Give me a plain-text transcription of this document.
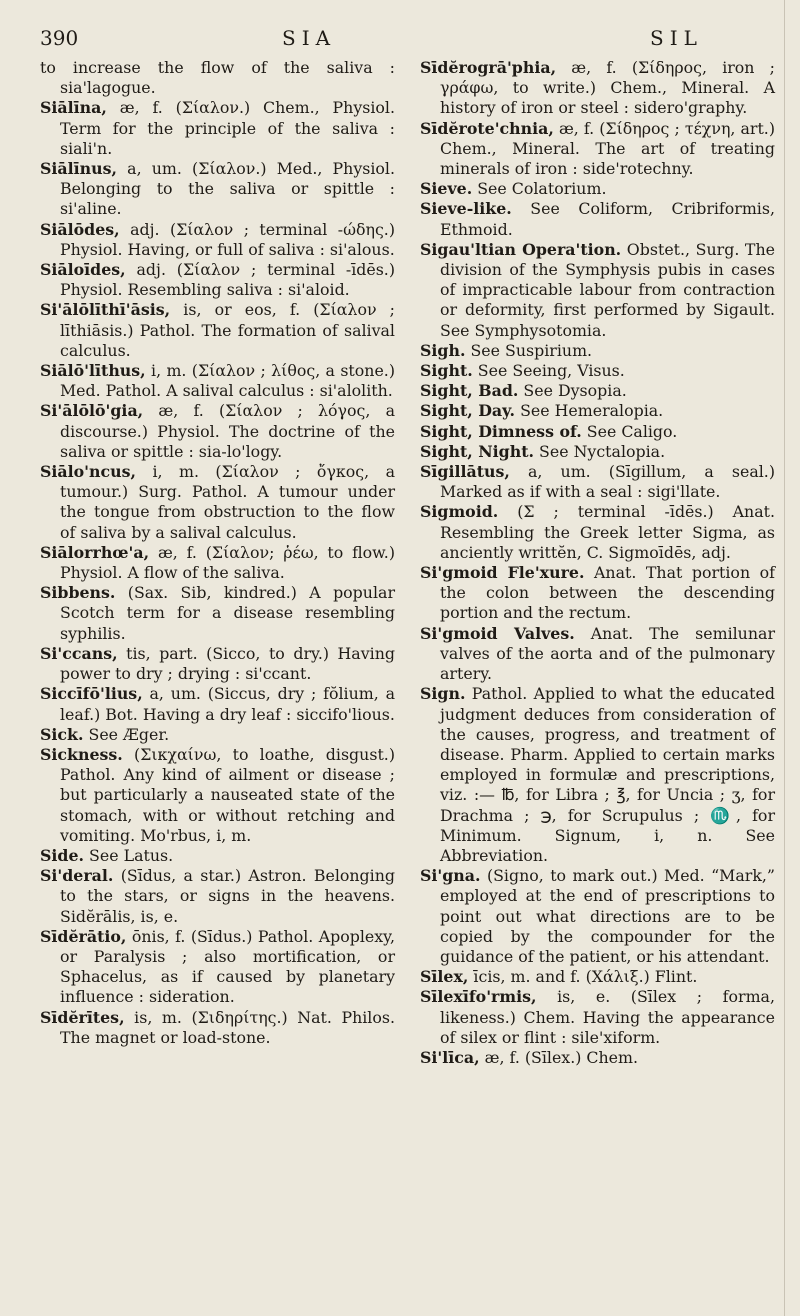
390	SIA	SIL

to increase the flow of the saliva : sia'lagogue.

Siālīna, æ, f. (Σίαλον.) Chem., Physiol. Term for the principle of the saliva : siali'n.

Siālīnus, a, um. (Σίαλον.) Med., Physiol. Belonging to the saliva or spittle : si'aline.

Siālōdes, adj. (Σίαλον ; terminal -ώδης.) Physiol. Having, or full of saliva : si'alous.

Siāloīdes, adj. (Σίαλον ; terminal -īdēs.) Physiol. Resembling saliva : si'aloid.

Si'ālōlīthī'āsis, is, or eos, f. (Σίαλον ; līthiāsis.) Pathol. The formation of salival calculus.

Siālō'līthus, i, m. (Σίαλον ; λίθος, a stone.) Med. Pathol. A salival calculus : si'alolith.

Si'ālōlō'gia, æ, f. (Σίαλον ; λόγος, a discourse.) Physiol. The doctrine of the saliva or spittle : sia-lo'logy.

Siālo'ncus, i, m. (Σίαλον ; ὄγκος, a tumour.) Surg. Pathol. A tumour under the tongue from obstruction to the flow of saliva by a salival calculus.

Siālorrhœ'a, æ, f. (Σίαλον; ῥέω, to flow.) Physiol. A flow of the saliva.

Sibbens. (Sax. Sib, kindred.) A popular Scotch term for a disease resembling syphilis.

Si'ccans, tis, part. (Sicco, to dry.) Having power to dry ; drying : si'ccant.

Siccīfō'lius, a, um. (Siccus, dry ; fŏlium, a leaf.) Bot. Having a dry leaf : siccifo'lious.

Sick. See Æger.

Sickness. (Σικχαίνω, to loathe, disgust.) Pathol. Any kind of ailment or disease ; but particularly a nauseated state of the stomach, with or without retching and vomiting. Mo'rbus, i, m.

Side. See Latus.

Si'deral. (Sīdus, a star.) Astron. Belonging to the stars, or signs in the heavens. Sidĕrālis, is, e.

Sīdĕrātio, ōnis, f. (Sīdus.) Pathol. Apoplexy, or Paralysis ; also mortification, or Sphacelus, as if caused by planetary influence : sideration.

Sīdĕrītes, is, m. (Σιδηρίτης.) Nat. Philos. The magnet or load-stone.

Sīdĕrogrā'phia, æ, f. (Σίδηρος, iron ; γράφω, to write.) Chem., Mineral. A history of iron or steel : sidero'graphy.

Sīdĕrote'chnia, æ, f. (Σίδηρος ; τέχνη, art.) Chem., Mineral. The art of treating minerals of iron : side'rotechny.

Sieve. See Colatorium.

Sieve-like. See Coliform, Cribriformis, Ethmoid.

Sigau'ltian Opera'tion. Obstet., Surg. The division of the Symphysis pubis in cases of impracticable labour from contraction or deformity, first performed by Sigault. See Symphysotomia.

Sigh. See Suspirium.

Sight. See Seeing, Visus.

Sight, Bad. See Dysopia.

Sight, Day. See Hemeralopia.

Sight, Dimness of. See Caligo.

Sight, Night. See Nyctalopia.

Sīgillātus, a, um. (Sīgillum, a seal.) Marked as if with a seal : sigi'llate.

Sigmoid. (Σ ; terminal -īdēs.) Anat. Resembling the Greek letter Sigma, as anciently writtĕn, C. Sigmoīdēs, adj.

Si'gmoid Fle'xure. Anat. That portion of the colon between the descending portion and the rectum.

Si'gmoid Valves. Anat. The semilunar valves of the aorta and of the pulmonary artery.

Sign. Pathol. Applied to what the educated judgment deduces from consideration of the causes, progress, and treatment of disease. Pharm. Applied to certain marks employed in formulæ and prescriptions, viz. :— ℔, for Libra ; ℥, for Uncia ; ʒ, for Drachma ; ℈, for Scrupulus ; ♏, for Minimum. Signum, i, n. See Abbreviation.

Si'gna. (Signo, to mark out.) Med. “Mark,” employed at the end of prescriptions to point out what directions are to be copied by the compounder for the guidance of the patient, or his attendant.

Sīlex, īcis, m. and f. (Χάλιξ.) Flint.

Sīlexīfo'rmis, is, e. (Sīlex ; forma, likeness.) Chem. Having the appearance of silex or flint : sile'xiform.

Si'līca, æ, f. (Sīlex.) Chem.
